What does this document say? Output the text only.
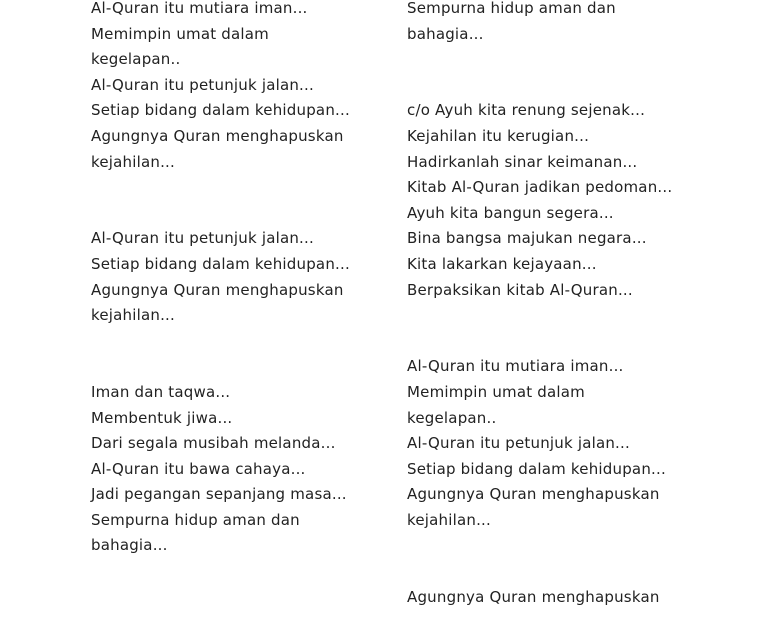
Al-Quran itu mutiara iman...
Memimpin umat dalam
kegelapan..
Al-Quran itu petunjuk jalan...
Setiap bidang dalam kehidupan...
Agungnya Quran menghapuskan
kejahilan...
Al-Quran itu petunjuk jalan...
Setiap bidang dalam kehidupan...
Agungnya Quran menghapuskan
kejahilan...
Iman dan taqwa...
Membentuk jiwa...
Dari segala musibah melanda...
Al-Quran itu bawa cahaya...
Jadi pegangan sepanjang masa...
Sempurna hidup aman dan
bahagia...
Sempurna hidup aman dan
bahagia...
c/o Ayuh kita renung sejenak...
Kejahilan itu kerugian...
Hadirkanlah sinar keimanan...
Kitab Al-Quran jadikan pedoman...
Ayuh kita bangun segera...
Bina bangsa majukan negara...
Kita lakarkan kejayaan...
Berpaksikan kitab Al-Quran...
Al-Quran itu mutiara iman...
Memimpin umat dalam
kegelapan..
Al-Quran itu petunjuk jalan...
Setiap bidang dalam kehidupan...
Agungnya Quran menghapuskan
kejahilan...
Agungnya Quran menghapuskan
